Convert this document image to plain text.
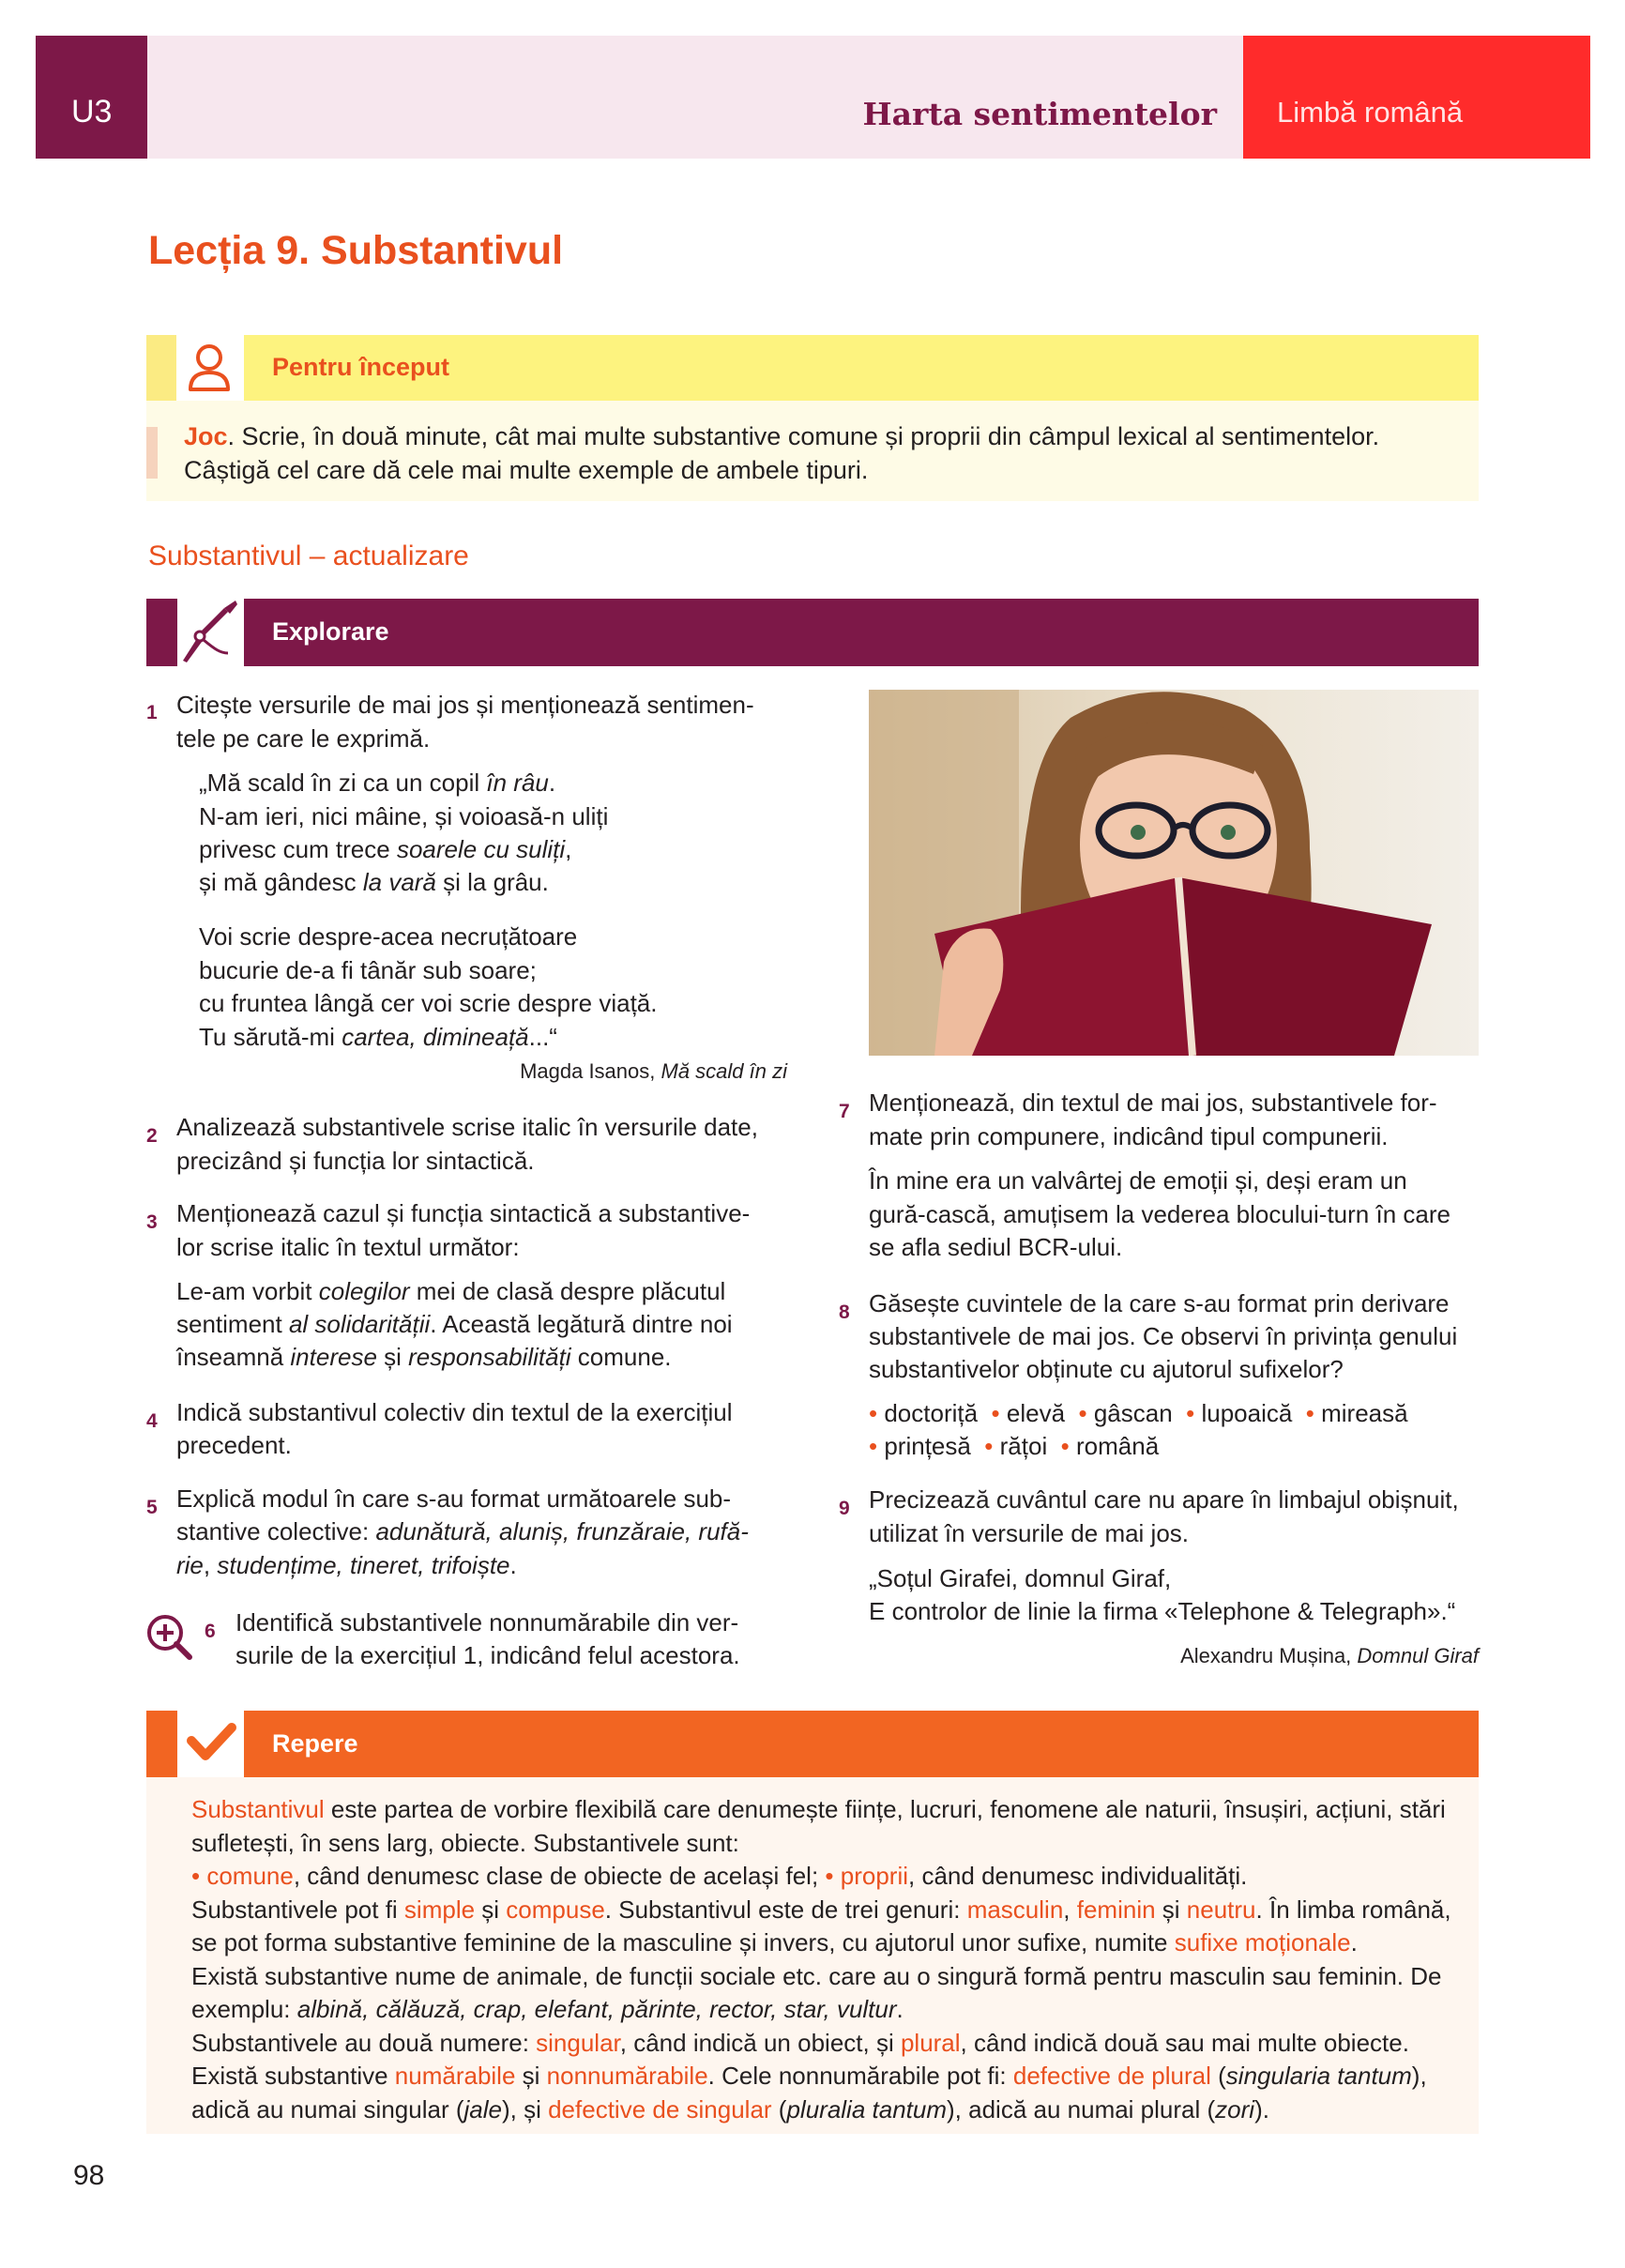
U3	Harta sentimentelor Limbă română
Lecția 9. Substantivul
Pentru început

Joc. Scrie, în două minute, cât mai multe substantive comune și proprii din câmpul lexical al sentimentelor. Câștigă cel care dă cele mai multe exemple de ambele tipuri.

Substantivul – actualizare

Explorare
1 Citește versurile de mai jos și menționează sentimen-

tele pe care le exprimă.

„Mă scald în zi ca un copil în râu.

N-am ieri, nici mâine, și voioasă-n uliți

privesc cum trece soarele cu suliți,

și mă gândesc la vară și la grâu.

Voi scrie despre-acea necruțătoare

bucurie de-a fi tânăr sub soare;

cu fruntea lângă cer voi scrie despre viață.

Tu sărută-mi cartea, dimineață...“

Magda Isanos, Mă scald în zi

2 Analizează substantivele scrise italic în versurile date,

precizând și funcția lor sintactică.

3 Menționează cazul și funcția sintactică a substantive-

lor scrise italic în textul următor:

Le-am vorbit colegilor mei de clasă despre plăcutul

sentiment al solidarității. Această legătură dintre noi

înseamnă interese și responsabilități comune.

4 Indică substantivul colectiv din textul de la exercițiul

precedent.

5 Explică modul în care s-au format următoarele sub-

stantive colective: adunătură, aluniș, frunzăraie, rufă-

rie, studențime, tineret, trifoiște.

6 Identifică substantivele nonnumărabile din ver-

surile de la exercițiul 1, indicând felul acestora.

7 Menționează, din textul de mai jos, substantivele for-

mate prin compunere, indicând tipul compunerii.

În mine era un valvârtej de emoții și, deși eram un

gură-cască, amuțisem la vederea blocului-turn în care

se afla sediul BCR-ului.

8 Găsește cuvintele de la care s-au format prin derivare

substantivele de mai jos. Ce observi în privința genului

substantivelor obținute cu ajutorul sufixelor?

• doctoriță • elevă • gâscan • lupoaică • mireasă

• prințesă • rățoi • română

9 Precizează cuvântul care nu apare în limbajul obișnuit,

utilizat în versurile de mai jos.

„Soțul Girafei, domnul Giraf,

E controlor de linie la firma «Telephone & Telegraph».“

Alexandru Mușina, Domnul Giraf

Repere

Substantivul este partea de vorbire flexibilă care denumește ființe, lucruri, fenomene ale naturii, însușiri, acțiuni, stări sufletești, în sens larg, obiecte. Substantivele sunt:

• comune, când denumesc clase de obiecte de același fel; • proprii, când denumesc individualități.

Substantivele pot fi simple și compuse. Substantivul este de trei genuri: masculin, feminin și neutru. În limba română, se pot forma substantive feminine de la masculine și invers, cu ajutorul unor sufixe, numite sufixe moționale.

Există substantive nume de animale, de funcții sociale etc. care au o singură formă pentru masculin sau feminin. De exemplu: albină, călăuză, crap, elefant, părinte, rector, star, vultur.

Substantivele au două numere: singular, când indică un obiect, și plural, când indică două sau mai multe obiecte.

Există substantive numărabile și nonnumărabile. Cele nonnumărabile pot fi: defective de plural (singularia tantum), adică au numai singular (jale), și defective de singular (pluralia tantum), adică au numai plural (zori).

98
